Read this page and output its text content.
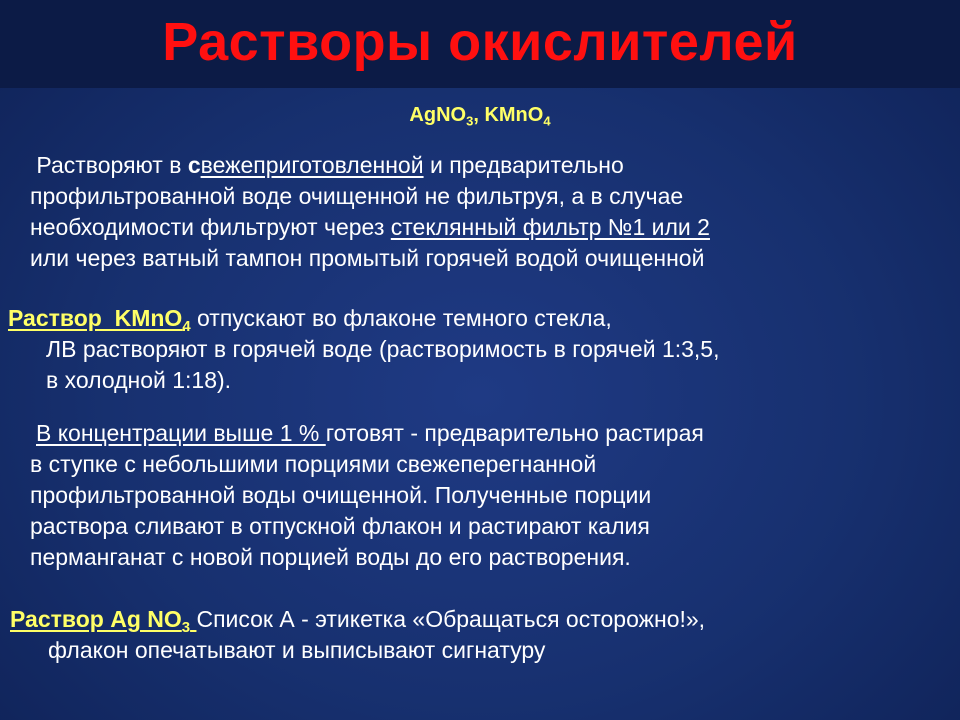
Растворы окислителей
AgNO$_3$, KMnO$_4$
Растворяют в свежеприготовленной и предварительно
профильтрованной воде очищенной не фильтруя, а в случае
необходимости фильтруют через стеклянный фильтр №1 или 2
или через ватный тампон промытый горячей водой очищенной
Раствор  KMnO$_4$ отпускают во флаконе темного стекла,
ЛВ растворяют в горячей воде (растворимость в горячей 1:3,5,
в холодной 1:18).
В концентрации выше 1 % готовят - предварительно растирая
в ступке с небольшими порциями свежеперегнанной
профильтрованной воды очищенной. Полученные порции
раствора сливают в отпускной флакон и растирают калия
перманганат с новой порцией воды до его растворения.
Раствор Ag $NO_3$ Список А - этикетка «Обращаться осторожно!»,
флакон опечатывают и выписывают сигнатуру
